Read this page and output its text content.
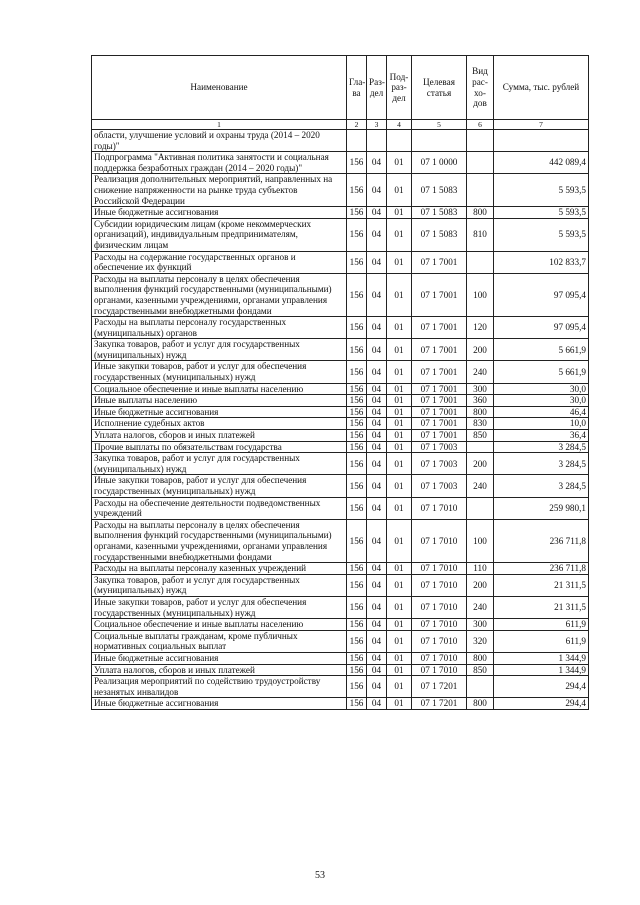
Наименование	Гла- ва	Раз- дел	Под- раз- дел	Целевая статья	Вид рас- хо- дов	Сумма, тыс. рублей
1	2	3	4	5	6	7
области, улучшение условий и охраны труда (2014 – 2020 годы)"						
Подпрограмма "Активная политика занятости и социальная поддержка безработных граждан (2014 – 2020 годы)"	156	04	01	07 1 0000		442 089,4
Реализация дополнительных мероприятий, направленных на снижение напряженности на рынке труда субъектов Российской Федерации	156	04	01	07 1 5083		5 593,5
Иные бюджетные ассигнования	156	04	01	07 1 5083	800	5 593,5
Субсидии юридическим лицам (кроме некоммерческих организаций), индивидуальным предпринимателям, физическим лицам	156	04	01	07 1 5083	810	5 593,5
Расходы на содержание государственных органов и обеспечение их функций	156	04	01	07 1 7001		102 833,7
Расходы на выплаты персоналу в целях обеспечения выполнения функций государственными (муниципальными) органами, казенными учреждениями, органами управления государственными внебюджетными фондами	156	04	01	07 1 7001	100	97 095,4
Расходы на выплаты персоналу государственных (муниципальных) органов	156	04	01	07 1 7001	120	97 095,4
Закупка товаров, работ и услуг для государственных (муниципальных) нужд	156	04	01	07 1 7001	200	5 661,9
Иные закупки товаров, работ и услуг для обеспечения государственных (муниципальных) нужд	156	04	01	07 1 7001	240	5 661,9
Социальное обеспечение и иные выплаты населению	156	04	01	07 1 7001	300	30,0
Иные выплаты населению	156	04	01	07 1 7001	360	30,0
Иные бюджетные ассигнования	156	04	01	07 1 7001	800	46,4
Исполнение судебных актов	156	04	01	07 1 7001	830	10,0
Уплата налогов, сборов и иных платежей	156	04	01	07 1 7001	850	36,4
Прочие выплаты по обязательствам государства	156	04	01	07 1 7003		3 284,5
Закупка товаров, работ и услуг для государственных (муниципальных) нужд	156	04	01	07 1 7003	200	3 284,5
Иные закупки товаров, работ и услуг для обеспечения государственных (муниципальных) нужд	156	04	01	07 1 7003	240	3 284,5
Расходы на обеспечение деятельности подведомственных учреждений	156	04	01	07 1 7010		259 980,1
Расходы на выплаты персоналу в целях обеспечения выполнения функций государственными (муниципальными) органами, казенными учреждениями, органами управления государственными внебюджетными фондами	156	04	01	07 1 7010	100	236 711,8
Расходы на выплаты персоналу казенных учреждений	156	04	01	07 1 7010	110	236 711,8
Закупка товаров, работ и услуг для государственных (муниципальных) нужд	156	04	01	07 1 7010	200	21 311,5
Иные закупки товаров, работ и услуг для обеспечения государственных (муниципальных) нужд	156	04	01	07 1 7010	240	21 311,5
Социальное обеспечение и иные выплаты населению	156	04	01	07 1 7010	300	611,9
Социальные выплаты гражданам, кроме публичных нормативных социальных выплат	156	04	01	07 1 7010	320	611,9
Иные бюджетные ассигнования	156	04	01	07 1 7010	800	1 344,9
Уплата налогов, сборов и иных платежей	156	04	01	07 1 7010	850	1 344,9
Реализация мероприятий по содействию трудоустройству незанятых инвалидов	156	04	01	07 1 7201		294,4
Иные бюджетные ассигнования	156	04	01	07 1 7201	800	294,4
53
